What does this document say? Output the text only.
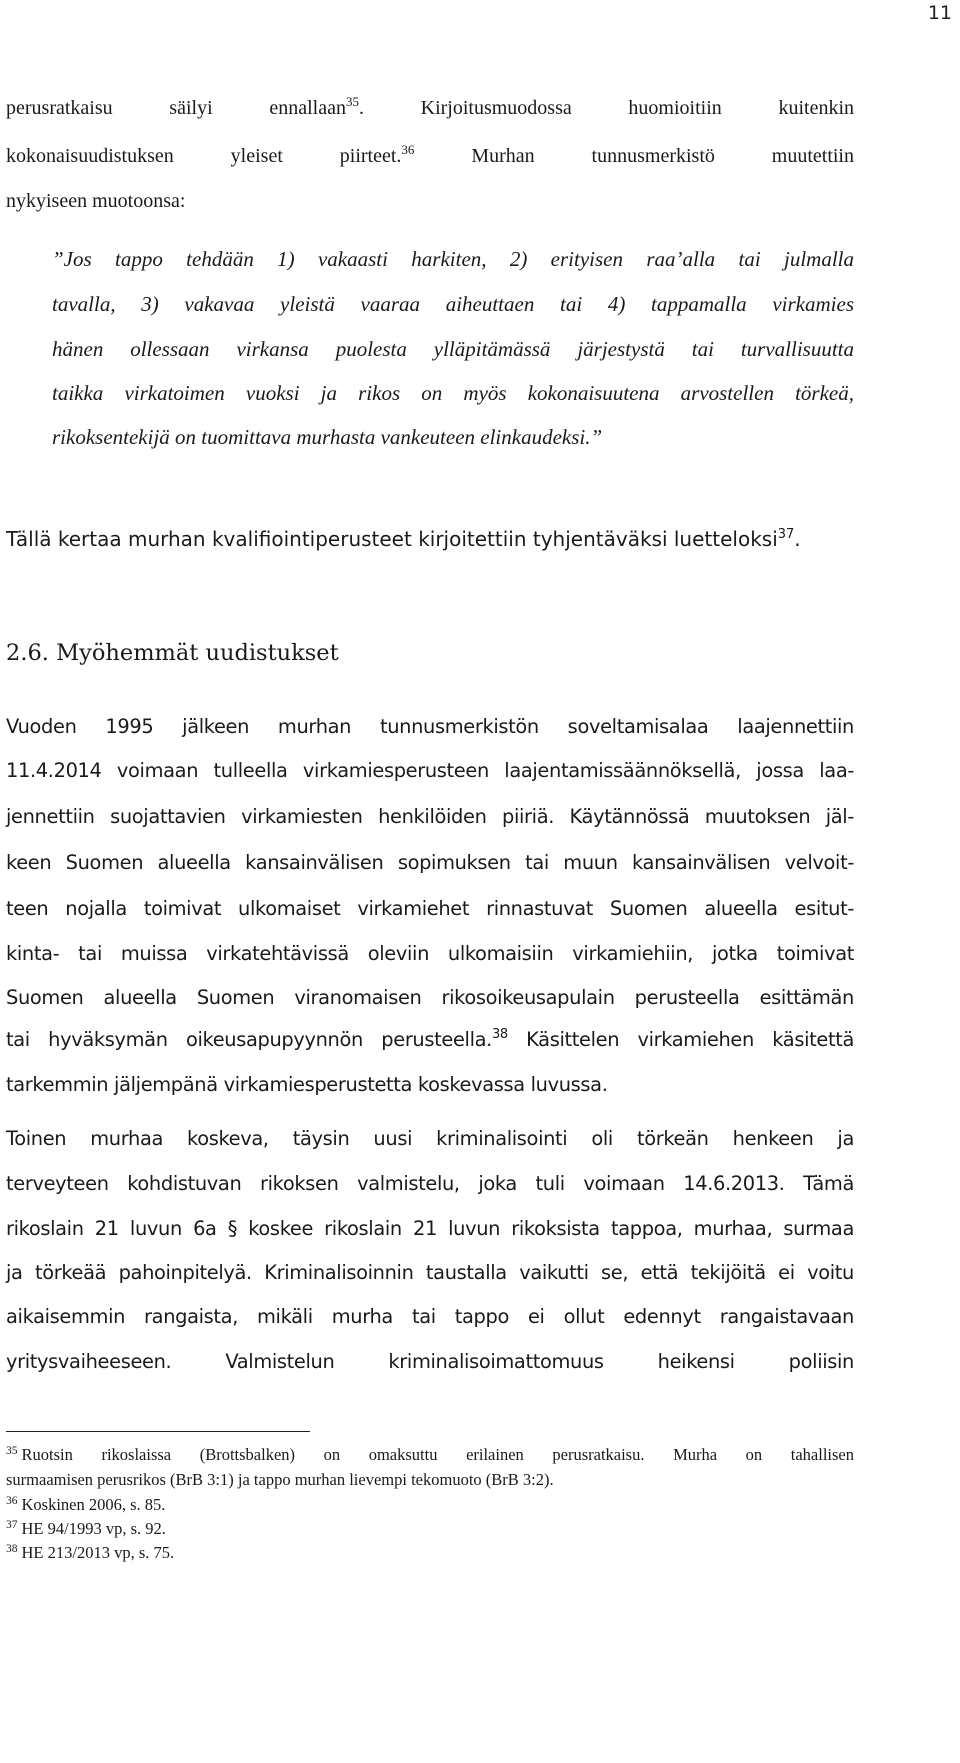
11
perusratkaisu säilyi ennallaan$^{35}$. Kirjoitusmuodossa huomioitiin kuitenkin
kokonaisuudistuksen yleiset piirteet.$^{36}$ Murhan tunnusmerkistö muutettiin
nykyiseen muotoonsa:
”Jos tappo tehdään 1) vakaasti harkiten, 2) erityisen raa’alla tai julmalla
tavalla, 3) vakavaa yleistä vaaraa aiheuttaen tai 4) tappamalla virkamies
hänen ollessaan virkansa puolesta ylläpitämässä järjestystä tai turvallisuutta
taikka virkatoimen vuoksi ja rikos on myös kokonaisuutena arvostellen törkeä,
rikoksentekijä on tuomittava murhasta vankeuteen elinkaudeksi.”
Tällä kertaa murhan kvalifiointiperusteet kirjoitettiin tyhjentäväksi luetteloksi$^{37}$.
2.6. Myöhemmät uudistukset
Vuoden 1995 jälkeen murhan tunnusmerkistön soveltamisalaa laajennettiin
11.4.2014 voimaan tulleella virkamiesperusteen laajentamissäännöksellä, jossa laa-
jennettiin suojattavien virkamiesten henkilöiden piiriä. Käytännössä muutoksen jäl-
keen Suomen alueella kansainvälisen sopimuksen tai muun kansainvälisen velvoit-
teen nojalla toimivat ulkomaiset virkamiehet rinnastuvat Suomen alueella esitut-
kinta- tai muissa virkatehtävissä oleviin ulkomaisiin virkamiehiin, jotka toimivat
Suomen alueella Suomen viranomaisen rikosoikeusapulain perusteella esittämän
tai hyväksymän oikeusapupyynnön perusteella.$^{38}$ Käsittelen virkamiehen käsitettä
tarkemmin jäljempänä virkamiesperustetta koskevassa luvussa.
Toinen murhaa koskeva, täysin uusi kriminalisointi oli törkeän henkeen ja
terveyteen kohdistuvan rikoksen valmistelu, joka tuli voimaan 14.6.2013. Tämä
rikoslain 21 luvun 6a § koskee rikoslain 21 luvun rikoksista tappoa, murhaa, surmaa
ja törkeää pahoinpitelyä. Kriminalisoinnin taustalla vaikutti se, että tekijöitä ei voitu
aikaisemmin rangaista, mikäli murha tai tappo ei ollut edennyt rangaistavaan
yritysvaiheeseen. Valmistelun kriminalisoimattomuus heikensi poliisin
$^{35}$ Ruotsin rikoslaissa (Brottsbalken) on omaksuttu erilainen perusratkaisu. Murha on tahallisen
surmaamisen perusrikos (BrB 3:1) ja tappo murhan lievempi tekomuoto (BrB 3:2).
$^{36}$ Koskinen 2006, s. 85.
$^{37}$ HE 94/1993 vp, s. 92.
$^{38}$ HE 213/2013 vp, s. 75.
